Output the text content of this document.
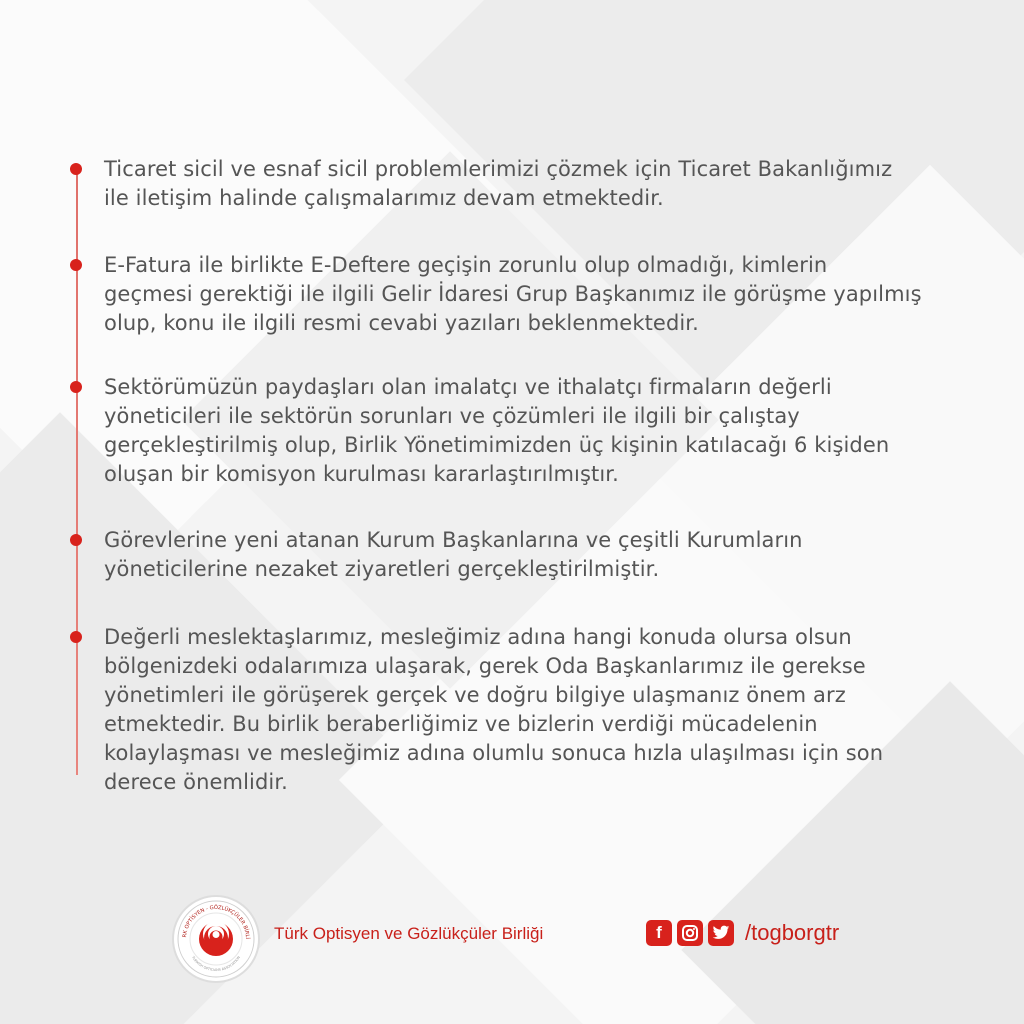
Ticaret sicil ve esnaf sicil problemlerimizi çözmek için Ticaret Bakanlığımız
ile iletişim halinde çalışmalarımız devam etmektedir.

E-Fatura ile birlikte E-Deftere geçişin zorunlu olup olmadığı, kimlerin
geçmesi gerektiği ile ilgili Gelir İdaresi Grup Başkanımız ile görüşme yapılmış
olup, konu ile ilgili resmi cevabi yazıları beklenmektedir.

Sektörümüzün paydaşları olan imalatçı ve ithalatçı firmaların değerli
yöneticileri ile sektörün sorunları ve çözümleri ile ilgili bir çalıştay
gerçekleştirilmiş olup, Birlik Yönetimimizden üç kişinin katılacağı 6 kişiden
oluşan bir komisyon kurulması kararlaştırılmıştır.

Görevlerine yeni atanan Kurum Başkanlarına ve çeşitli Kurumların
yöneticilerine nezaket ziyaretleri gerçekleştirilmiştir.

Değerli meslektaşlarımız, mesleğimiz adına hangi konuda olursa olsun
bölgenizdeki odalarımıza ulaşarak, gerek Oda Başkanlarımız ile gerekse
yönetimleri ile görüşerek gerçek ve doğru bilgiye ulaşmanız önem arz
etmektedir. Bu birlik beraberliğimiz ve bizlerin verdiği mücadelenin
kolaylaşması ve mesleğimiz adına olumlu sonuca hızla ulaşılması için son
derece önemlidir.

RK OPTİSYEN - GÖZLÜKÇÜLER BİRLİ
TURKISH OPTICIANS ASSOCIATION
Türk Optisyen ve Gözlükçüler Birliği	f	/togborgtr
